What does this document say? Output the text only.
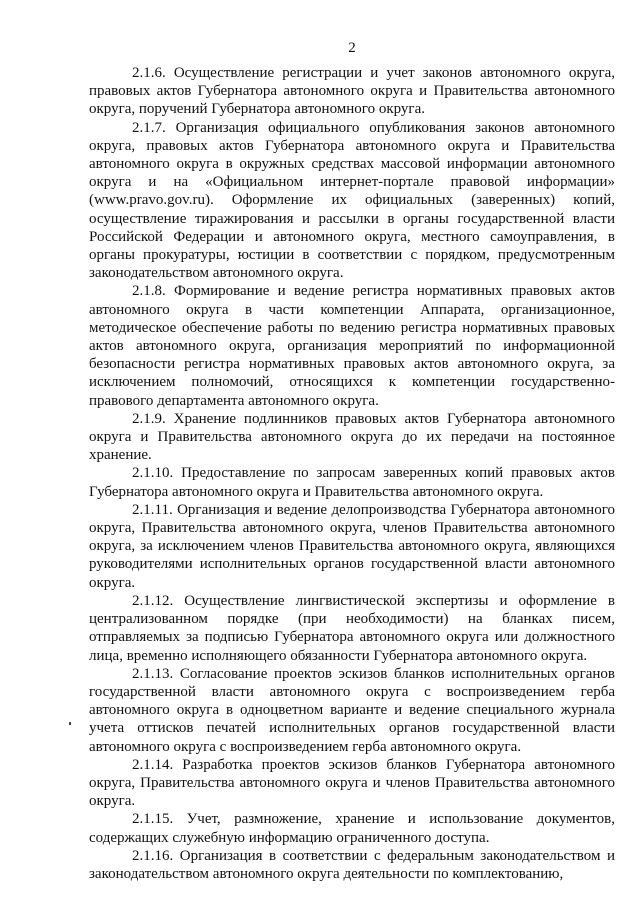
2

2.1.6. Осуществление регистрации и учет законов автономного округа, правовых актов Губернатора автономного округа и Правительства автономного округа, поручений Губернатора автономного округа.

2.1.7. Организация официального опубликования законов автономного округа, правовых актов Губернатора автономного округа и Правительства автономного округа в окружных средствах массовой информации автономного округа и на «Официальном интернет-портале правовой информации» (www.pravo.gov.ru). Оформление их официальных (заверенных) копий, осуществление тиражирования и рассылки в органы государственной власти Российской Федерации и автономного округа, местного самоуправления, в органы прокуратуры, юстиции в соответствии с порядком, предусмотренным законодательством автономного округа.

2.1.8. Формирование и ведение регистра нормативных правовых актов автономного округа в части компетенции Аппарата, организационное, методическое обеспечение работы по ведению регистра нормативных правовых актов автономного округа, организация мероприятий по информационной безопасности регистра нормативных правовых актов автономного округа, за исключением полномочий, относящихся к компетенции государственно-правового департамента автономного округа.

2.1.9. Хранение подлинников правовых актов Губернатора автономного округа и Правительства автономного округа до их передачи на постоянное хранение.

2.1.10. Предоставление по запросам заверенных копий правовых актов Губернатора автономного округа и Правительства автономного округа.

2.1.11. Организация и ведение делопроизводства Губернатора автономного округа, Правительства автономного округа, членов Правительства автономного округа, за исключением членов Правительства автономного округа, являющихся руководителями исполнительных органов государственной власти автономного округа.

2.1.12. Осуществление лингвистической экспертизы и оформление в централизованном порядке (при необходимости) на бланках писем, отправляемых за подписью Губернатора автономного округа или должностного лица, временно исполняющего обязанности Губернатора автономного округа.

2.1.13. Согласование проектов эскизов бланков исполнительных органов государственной власти автономного округа с воспроизведением герба автономного округа в одноцветном варианте и ведение специального журнала учета оттисков печатей исполнительных органов государственной власти автономного округа с воспроизведением герба автономного округа.

2.1.14. Разработка проектов эскизов бланков Губернатора автономного округа, Правительства автономного округа и членов Правительства автономного округа.

2.1.15. Учет, размножение, хранение и использование документов, содержащих служебную информацию ограниченного доступа.

2.1.16. Организация в соответствии с федеральным законодательством и законодательством автономного округа деятельности по комплектованию,
